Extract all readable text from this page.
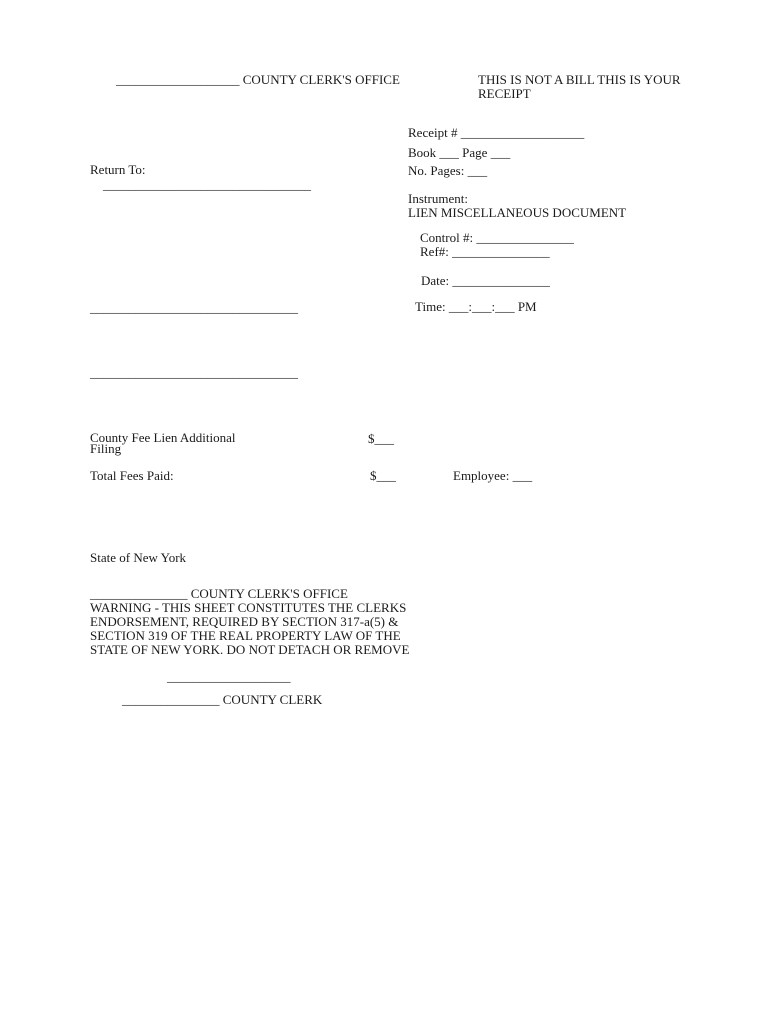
___________________ COUNTY CLERK'S OFFICE	THIS IS NOT A BILL THIS IS YOUR
RECEIPT
Receipt # ___________________
Book ___ Page ___
No. Pages: ___
Instrument:
LIEN MISCELLANEOUS DOCUMENT
Control #: _______________
Ref#: _______________
Date: _______________
Time: ___:___:___ PM
Return To:
________________________________
________________________________
________________________________
County Fee Lien Additional
Filing
$___
Total Fees Paid:	$___	Employee: ___
State of New York
_______________ COUNTY CLERK'S OFFICE
WARNING - THIS SHEET CONSTITUTES THE CLERKS
ENDORSEMENT, REQUIRED BY SECTION 317-a(5) &
SECTION 319 OF THE REAL PROPERTY LAW OF THE
STATE OF NEW YORK. DO NOT DETACH OR REMOVE
___________________
_______________ COUNTY CLERK
